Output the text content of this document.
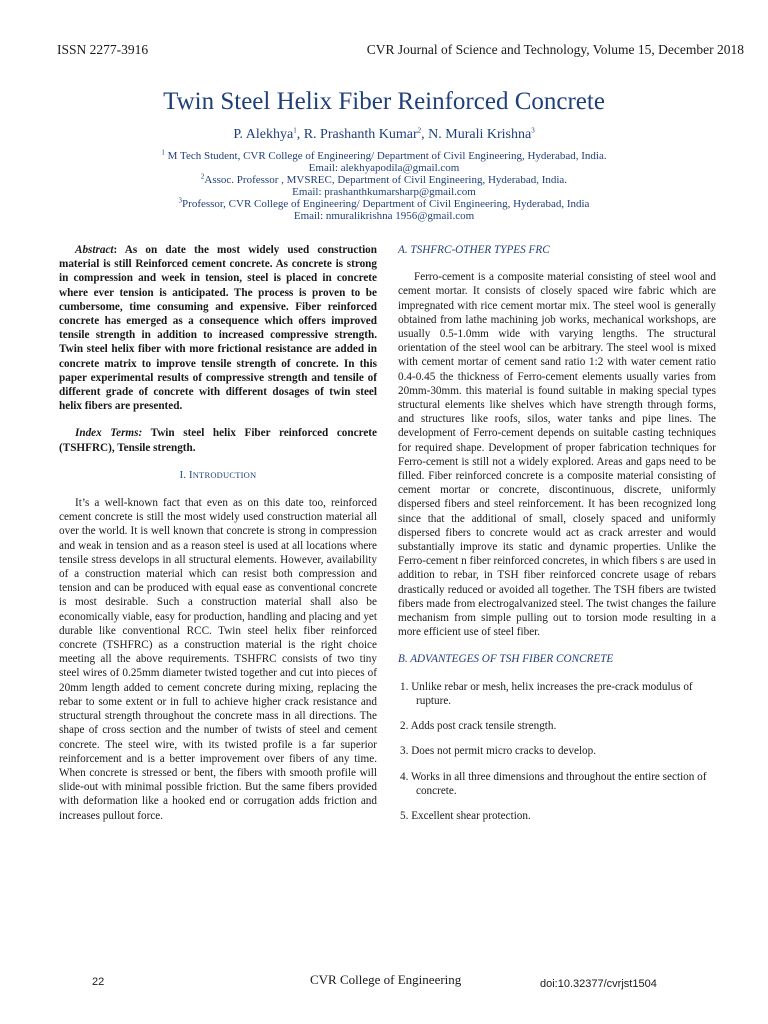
ISSN 2277-3916	CVR Journal of Science and Technology, Volume 15, December 2018
Twin Steel Helix Fiber Reinforced Concrete
P. Alekhya$^1$, R. Prashanth Kumar$^2$, N. Murali Krishna$^3$
$^1$ M Tech Student, CVR College of Engineering/ Department of Civil Engineering, Hyderabad, India.
Email: alekhyapodila@gmail.com
$^2$Assoc. Professor , MVSREC, Department of Civil Engineering, Hyderabad, India.
Email: prashanthkumarsharp@gmail.com
$^3$Professor, CVR College of Engineering/ Department of Civil Engineering, Hyderabad, India
Email: nmuralikrishna 1956@gmail.com

Abstract: As on date the most widely used construction material is still Reinforced cement concrete. As concrete is strong in compression and week in tension, steel is placed in concrete where ever tension is anticipated. The process is proven to be cumbersome, time consuming and expensive. Fiber reinforced concrete has emerged as a consequence which offers improved tensile strength in addition to increased compressive strength. Twin steel helix fiber with more frictional resistance are added in concrete matrix to improve tensile strength of concrete. In this paper experimental results of compressive strength and tensile of different grade of concrete with different dosages of twin steel helix fibers are presented.

Index Terms: Twin steel helix Fiber reinforced concrete (TSHFRC), Tensile strength.

I. INTRODUCTION

It’s a well-known fact that even as on this date too, reinforced cement concrete is still the most widely used construction material all over the world. It is well known that concrete is strong in compression and weak in tension and as a reason steel is used at all locations where tensile stress develops in all structural elements. However, availability of a construction material which can resist both compression and tension and can be produced with equal ease as conventional concrete is most desirable. Such a construction material shall also be economically viable, easy for production, handling and placing and yet durable like conventional RCC. Twin steel helix fiber reinforced concrete (TSHFRC) as a construction material is the right choice meeting all the above requirements. TSHFRC consists of two tiny steel wires of 0.25mm diameter twisted together and cut into pieces of 20mm length added to cement concrete during mixing, replacing the rebar to some extent or in full to achieve higher crack resistance and structural strength throughout the concrete mass in all directions. The shape of cross section and the number of twists of steel and cement concrete. The steel wire, with its twisted profile is a far superior reinforcement and is a better improvement over fibers of any time. When concrete is stressed or bent, the fibers with smooth profile will slide-out with minimal possible friction. But the same fibers provided with deformation like a hooked end or corrugation adds friction and increases pullout force.

A. TSHFRC-OTHER TYPES FRC

Ferro-cement is a composite material consisting of steel wool and cement mortar. It consists of closely spaced wire fabric which are impregnated with rice cement mortar mix. The steel wool is generally obtained from lathe machining job works, mechanical workshops, are usually 0.5-1.0mm wide with varying lengths. The structural orientation of the steel wool can be arbitrary. The steel wool is mixed with cement mortar of cement sand ratio 1:2 with water cement ratio 0.4-0.45 the thickness of Ferro-cement elements usually varies from 20mm-30mm. this material is found suitable in making special types structural elements like shelves which have strength through forms, and structures like roofs, silos, water tanks and pipe lines. The development of Ferro-cement depends on suitable casting techniques for required shape. Development of proper fabrication techniques for Ferro-cement is still not a widely explored. Areas and gaps need to be filled. Fiber reinforced concrete is a composite material consisting of cement mortar or concrete, discontinuous, discrete, uniformly dispersed fibers and steel reinforcement. It has been recognized long since that the additional of small, closely spaced and uniformly dispersed fibers to concrete would act as crack arrester and would substantially improve its static and dynamic properties. Unlike the Ferro-cement n fiber reinforced concretes, in which fibers s are used in addition to rebar, in TSH fiber reinforced concrete usage of rebars drastically reduced or avoided all together. The TSH fibers are twisted fibers made from electrogalvanized steel. The twist changes the failure mechanism from simple pulling out to torsion mode resulting in a more efficient use of steel fiber.

B. ADVANTEGES OF TSH FIBER CONCRETE

1. Unlike rebar or mesh, helix increases the pre-crack modulus of rupture.
2. Adds post crack tensile strength.
3. Does not permit micro cracks to develop.
4. Works in all three dimensions and throughout the entire section of concrete.
5. Excellent shear protection.
22	CVR College of Engineering	doi:10.32377/cvrjst1504
